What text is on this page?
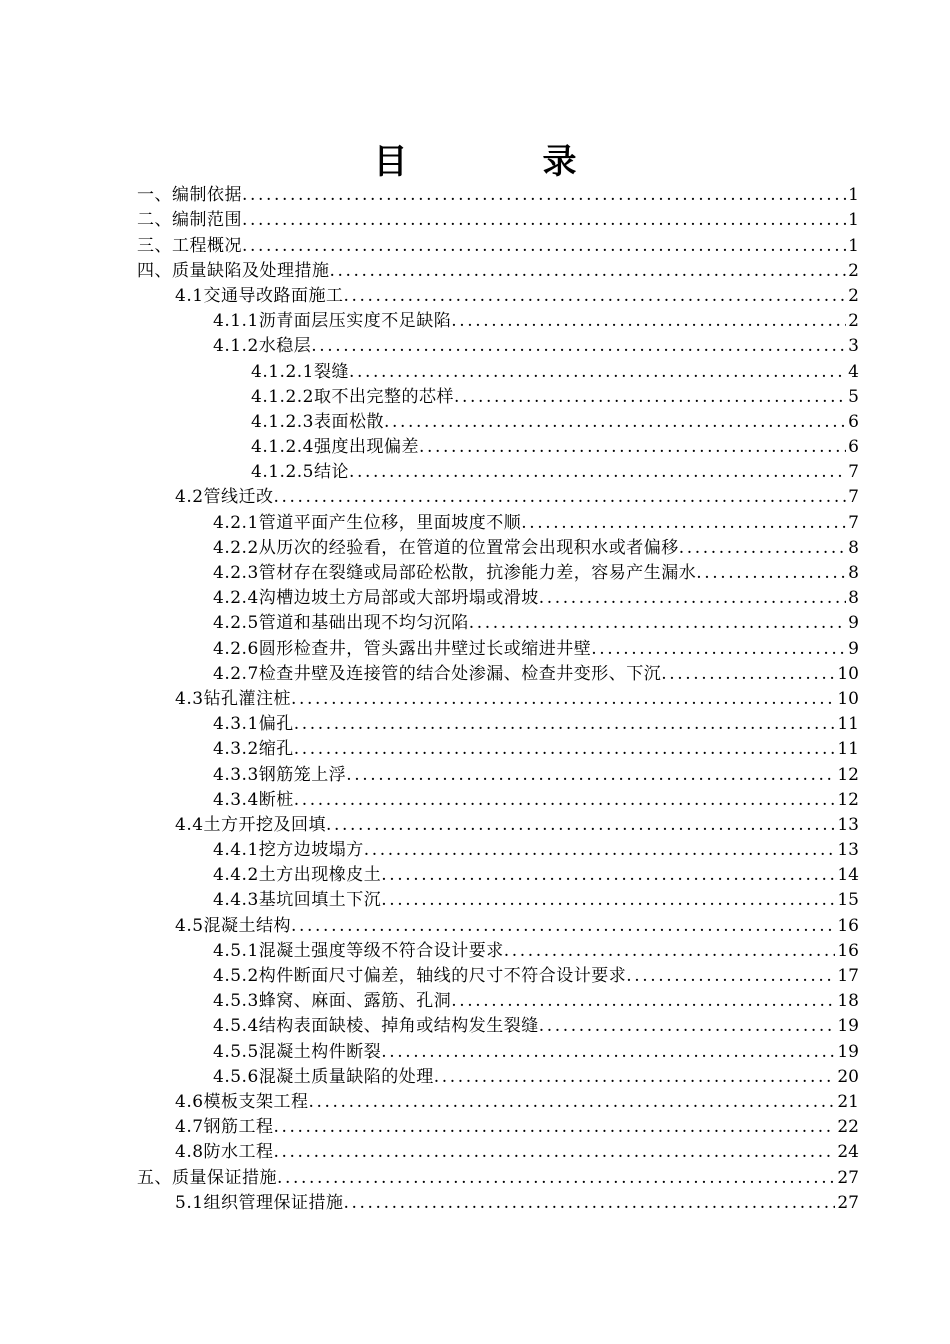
目	录
一、编制依据 .....	1
二、编制范围 .....	1
三、工程概况 .....	1
四、质量缺陷及处理措施 .....	2
4.1交通导改路面施工 .....	2
4.1.1沥青面层压实度不足缺陷 .....	2
4.1.2水稳层 .....	3
4.1.2.1裂缝 .....	4
4.1.2.2取不出完整的芯样 .....	5
4.1.2.3表面松散 .....	6
4.1.2.4强度出现偏差 .....	6
4.1.2.5结论 .....	7
4.2管线迁改 .....	7
4.2.1管道平面产生位移，里面坡度不顺 .....	7
4.2.2从历次的经验看，在管道的位置常会出现积水或者偏移 .....	8
4.2.3管材存在裂缝或局部砼松散，抗渗能力差，容易产生漏水 .....	8
4.2.4沟槽边坡土方局部或大部坍塌或滑坡 .....	8
4.2.5管道和基础出现不均匀沉陷 .....	9
4.2.6圆形检查井，管头露出井壁过长或缩进井壁 .....	9
4.2.7检查井壁及连接管的结合处渗漏、检查井变形、下沉 .....	10
4.3钻孔灌注桩 .....	10
4.3.1偏孔 .....	11
4.3.2缩孔 .....	11
4.3.3钢筋笼上浮 .....	12
4.3.4断桩 .....	12
4.4土方开挖及回填 .....	13
4.4.1挖方边坡塌方 .....	13
4.4.2土方出现橡皮土 .....	14
4.4.3基坑回填土下沉 .....	15
4.5混凝土结构 .....	16
4.5.1混凝土强度等级不符合设计要求 .....	16
4.5.2构件断面尺寸偏差，轴线的尺寸不符合设计要求 .....	17
4.5.3蜂窝、麻面、露筋、孔洞 .....	18
4.5.4结构表面缺棱、掉角或结构发生裂缝 .....	19
4.5.5混凝土构件断裂 .....	19
4.5.6混凝土质量缺陷的处理 .....	20
4.6模板支架工程 .....	21
4.7钢筋工程 .....	22
4.8防水工程 .....	24
五、质量保证措施 .....	27
5.1组织管理保证措施 .....	27
